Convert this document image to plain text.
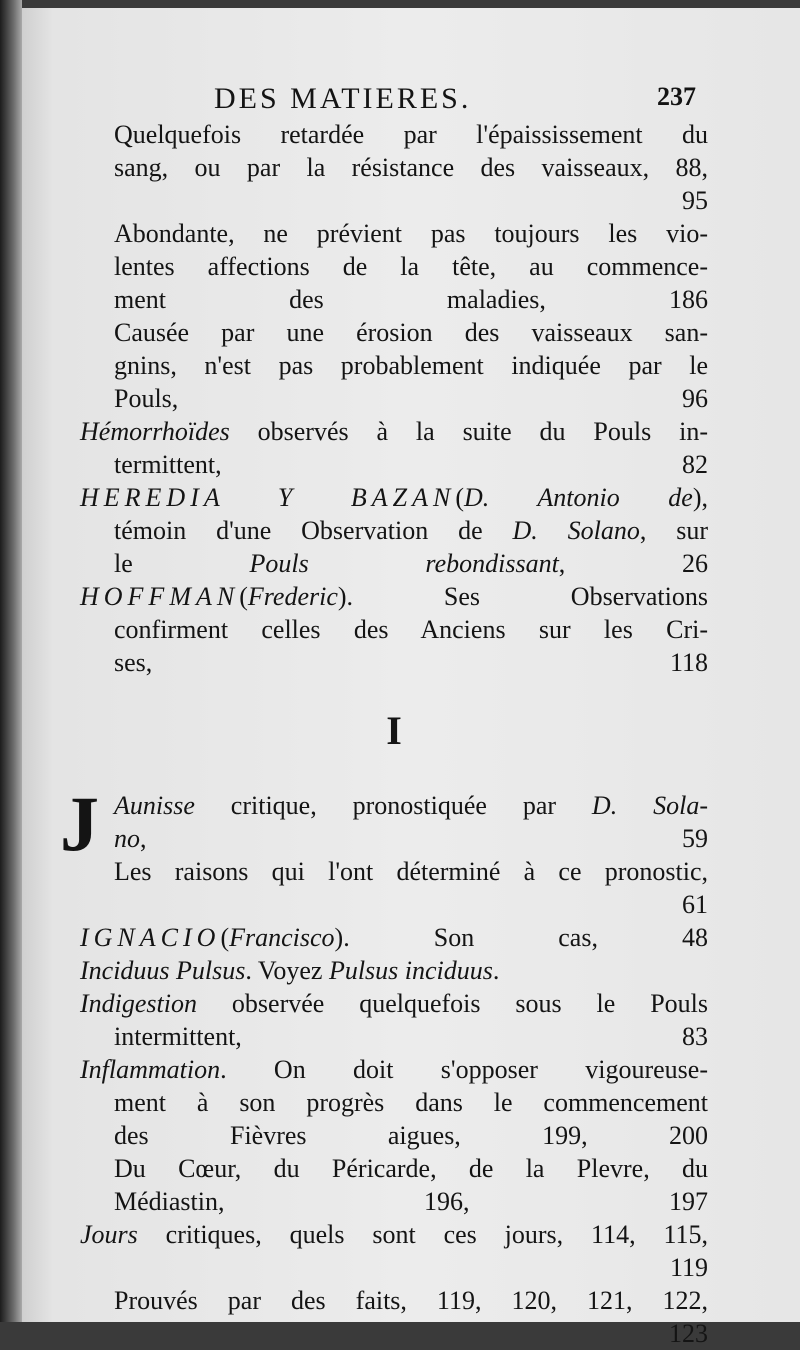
DES MATIERES.	237
Quelquefois retardée par l'épaississement du
sang, ou par la résistance des vaisseaux, 88,
95
Abondante, ne prévient pas toujours les vio-
lentes affections de la tête, au commence-
ment des maladies,	186
Causée par une érosion des vaisseaux san-
gnins, n'est pas probablement indiquée par le
Pouls,	96
Hémorrhoïdes observés à la suite du Pouls in-
termittent,	82
HEREDIA Y BAZAN(D. Antonio de),
témoin d'une Observation de D. Solano, sur
le	Pouls rebondissant, 26
HOFFMAN(Frederic). Ses Observations
confirment celles des Anciens sur les Cri-
ses,	118
I
J Aunisse critique, pronostiquée par D. Sola-
no, 59
Les raisons qui l'ont déterminé à ce pronostic,
61
IGNACIO(Francisco). Son cas,	48
Inciduus Pulsus. Voyez Pulsus inciduus.
Indigestion observée quelquefois sous le Pouls
intermittent,	83
Inflammation. On doit s'opposer vigoureuse-
ment à son progrès dans le commencement
des Fièvres aigues,	199, 200
Du Cœur, du Péricarde, de la Plevre, du
Médiastin,	196, 197
Jours critiques, quels sont ces jours, 114, 115,
119
Prouvés par des faits, 119, 120, 121, 122,
123
